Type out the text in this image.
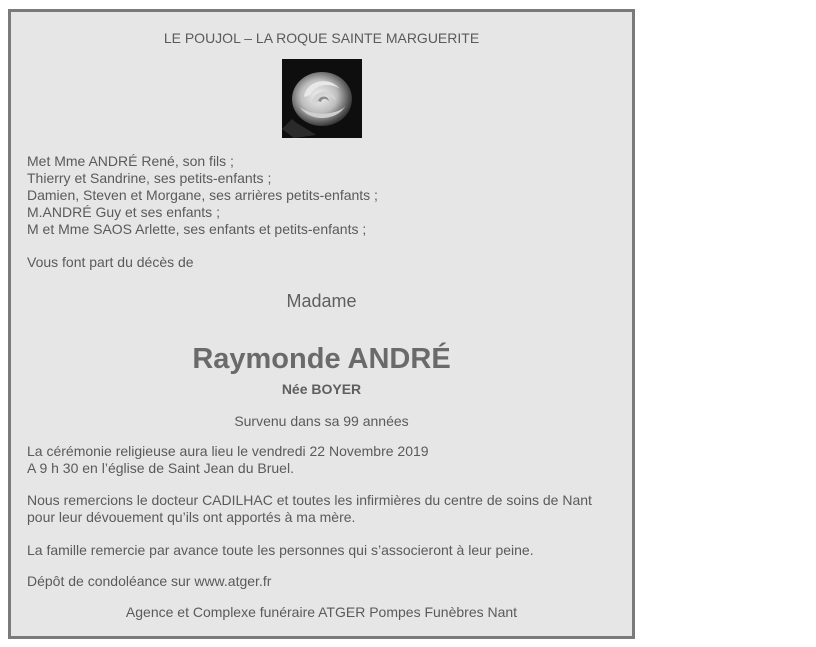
LE POUJOL – LA ROQUE SAINTE MARGUERITE
Met Mme ANDRÉ René, son fils ;
Thierry et Sandrine, ses petits-enfants ;
Damien, Steven et Morgane, ses arrières petits-enfants ;
M.ANDRÉ Guy et ses enfants ;
M et Mme SAOS Arlette, ses enfants et petits-enfants ;
Vous font part du décès de
Madame
Raymonde ANDRÉ
Née BOYER
Survenu dans sa 99 années
La cérémonie religieuse aura lieu le vendredi 22 Novembre 2019
A 9 h 30 en l’église de Saint Jean du Bruel.
Nous remercions le docteur CADILHAC et toutes les infirmières du centre de soins de Nant
pour leur dévouement qu’ils ont apportés à ma mère.
La famille remercie par avance toute les personnes qui s’associeront à leur peine.
Dépôt de condoléance sur www.atger.fr
Agence et Complexe funéraire ATGER Pompes Funèbres Nant
